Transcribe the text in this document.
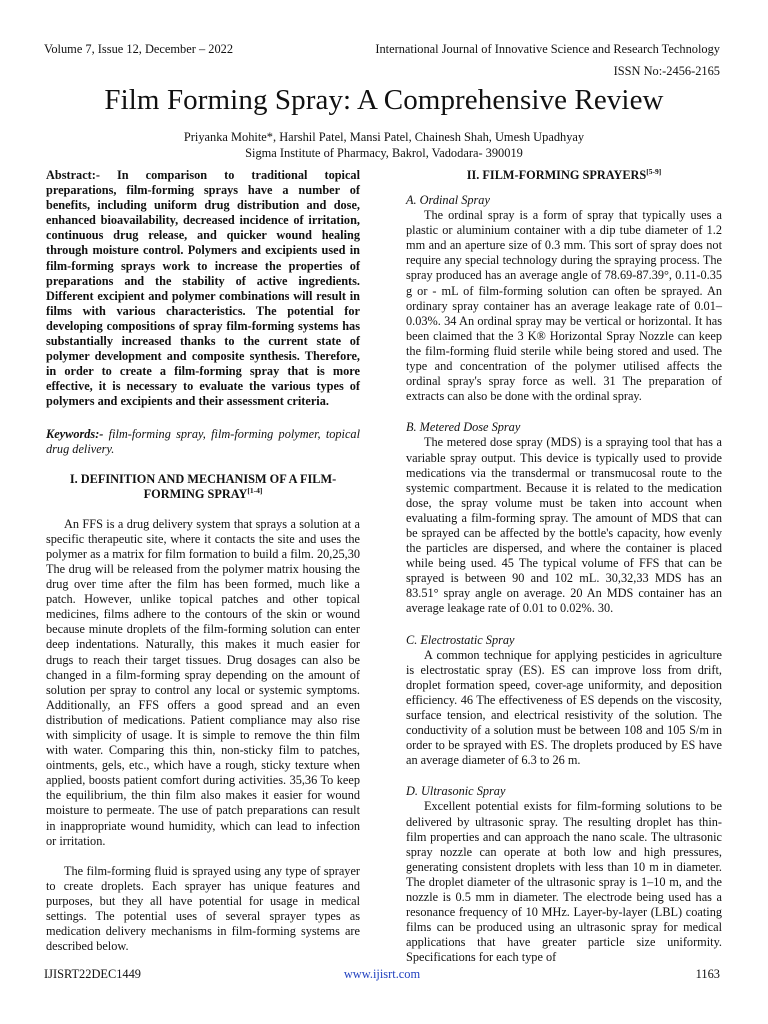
Volume 7, Issue 12, December – 2022	International Journal of Innovative Science and Research Technology
ISSN No:-2456-2165
Film Forming Spray: A Comprehensive Review
Priyanka Mohite*, Harshil Patel, Mansi Patel, Chainesh Shah, Umesh Upadhyay
Sigma Institute of Pharmacy, Bakrol, Vadodara- 390019

Abstract:- In comparison to traditional topical preparations, film-forming sprays have a number of benefits, including uniform drug distribution and dose, enhanced bioavailability, decreased incidence of irritation, continuous drug release, and quicker wound healing through moisture control. Polymers and excipients used in film-forming sprays work to increase the properties of preparations and the stability of active ingredients. Different excipient and polymer combinations will result in films with various characteristics. The potential for developing compositions of spray film-forming systems has substantially increased thanks to the current state of polymer development and composite synthesis. Therefore, in order to create a film-forming spray that is more effective, it is necessary to evaluate the various types of polymers and excipients and their assessment criteria.

Keywords:- film-forming spray, film-forming polymer, topical drug delivery.

I. DEFINITION AND MECHANISM OF A FILM-FORMING SPRAY[1-4]

An FFS is a drug delivery system that sprays a solution at a specific therapeutic site, where it contacts the site and uses the polymer as a matrix for film formation to build a film. 20,25,30 The drug will be released from the polymer matrix housing the drug over time after the film has been formed, much like a patch. However, unlike topical patches and other topical medicines, films adhere to the contours of the skin or wound because minute droplets of the film-forming solution can enter deep indentations. Naturally, this makes it much easier for drugs to reach their target tissues. Drug dosages can also be changed in a film-forming spray depending on the amount of solution per spray to control any local or systemic symptoms. Additionally, an FFS offers a good spread and an even distribution of medications. Patient compliance may also rise with simplicity of usage. It is simple to remove the thin film with water. Comparing this thin, non-sticky film to patches, ointments, gels, etc., which have a rough, sticky texture when applied, boosts patient comfort during activities. 35,36 To keep the equilibrium, the thin film also makes it easier for wound moisture to permeate. The use of patch preparations can result in inappropriate wound humidity, which can lead to infection or irritation.

The film-forming fluid is sprayed using any type of sprayer to create droplets. Each sprayer has unique features and purposes, but they all have potential for usage in medical settings. The potential uses of several sprayer types as medication delivery mechanisms in film-forming systems are described below.

II. FILM-FORMING SPRAYERS[5-9]
A. Ordinal Spray

The ordinal spray is a form of spray that typically uses a plastic or aluminium container with a dip tube diameter of 1.2 mm and an aperture size of 0.3 mm. This sort of spray does not require any special technology during the spraying process. The spray produced has an average angle of 78.69-87.39°, 0.11-0.35 g or - mL of film-forming solution can often be sprayed. An ordinary spray container has an average leakage rate of 0.01–0.03%. 34 An ordinal spray may be vertical or horizontal. It has been claimed that the 3 K® Horizontal Spray Nozzle can keep the film-forming fluid sterile while being stored and used. The type and concentration of the polymer utilised affects the ordinal spray's spray force as well. 31 The preparation of extracts can also be done with the ordinal spray.

B. Metered Dose Spray

The metered dose spray (MDS) is a spraying tool that has a variable spray output. This device is typically used to provide medications via the transdermal or transmucosal route to the systemic compartment. Because it is related to the medication dose, the spray volume must be taken into account when evaluating a film-forming spray. The amount of MDS that can be sprayed can be affected by the bottle's capacity, how evenly the particles are dispersed, and where the container is placed while being used. 45 The typical volume of FFS that can be sprayed is between 90 and 102 mL. 30,32,33 MDS has an 83.51° spray angle on average. 20 An MDS container has an average leakage rate of 0.01 to 0.02%. 30.

C. Electrostatic Spray

A common technique for applying pesticides in agriculture is electrostatic spray (ES). ES can improve loss from drift, droplet formation speed, cover-age uniformity, and deposition efficiency. 46 The effectiveness of ES depends on the viscosity, surface tension, and electrical resistivity of the solution. The conductivity of a solution must be between 108 and 105 S/m in order to be sprayed with ES. The droplets produced by ES have an average diameter of 6.3 to 26 m.

D. Ultrasonic Spray

Excellent potential exists for film-forming solutions to be delivered by ultrasonic spray. The resulting droplet has thin-film properties and can approach the nano scale. The ultrasonic spray nozzle can operate at both low and high pressures, generating consistent droplets with less than 10 m in diameter. The droplet diameter of the ultrasonic spray is 1–10 m, and the nozzle is 0.5 mm in diameter. The electrode being used has a resonance frequency of 10 MHz. Layer-by-layer (LBL) coating films can be produced using an ultrasonic spray for medical applications that have greater particle size uniformity. Specifications for each type of

IJISRT22DEC1449	www.ijisrt.com	1163
